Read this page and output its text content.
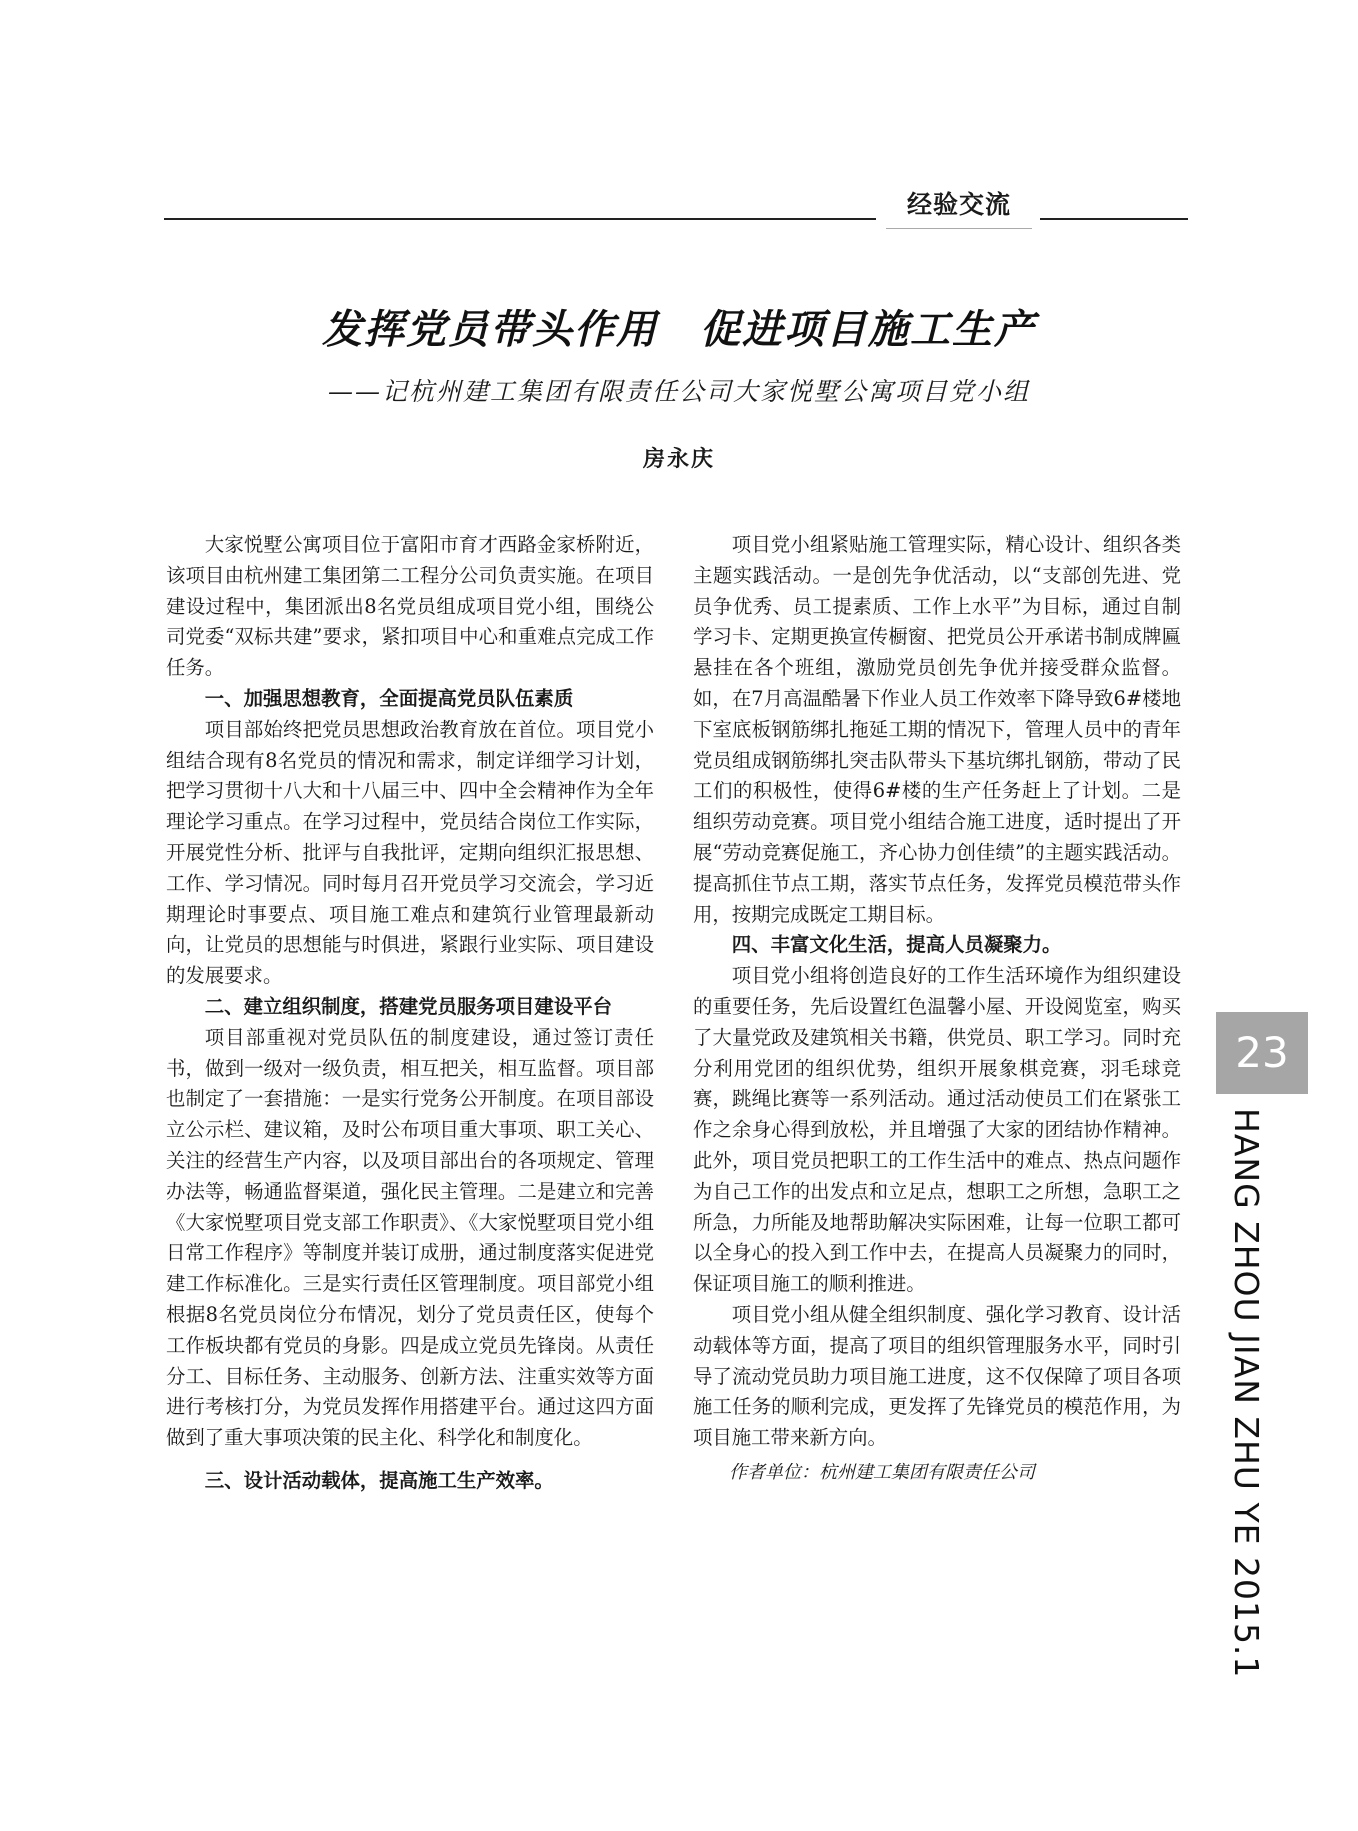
经验交流
发挥党员带头作用　促进项目施工生产
——记杭州建工集团有限责任公司大家悦墅公寓项目党小组
房永庆

大家悦墅公寓项目位于富阳市育才西路金家桥附近，该项目由杭州建工集团第二工程分公司负责实施。在项目建设过程中，集团派出8名党员组成项目党小组，围绕公司党委“双标共建”要求，紧扣项目中心和重难点完成工作任务。

一、加强思想教育，全面提高党员队伍素质

项目部始终把党员思想政治教育放在首位。项目党小组结合现有8名党员的情况和需求，制定详细学习计划，把学习贯彻十八大和十八届三中、四中全会精神作为全年理论学习重点。在学习过程中，党员结合岗位工作实际，开展党性分析、批评与自我批评，定期向组织汇报思想、工作、学习情况。同时每月召开党员学习交流会，学习近期理论时事要点、项目施工难点和建筑行业管理最新动向，让党员的思想能与时俱进，紧跟行业实际、项目建设的发展要求。

二、建立组织制度，搭建党员服务项目建设平台

项目部重视对党员队伍的制度建设，通过签订责任书，做到一级对一级负责，相互把关，相互监督。项目部也制定了一套措施：一是实行党务公开制度。在项目部设立公示栏、建议箱，及时公布项目重大事项、职工关心、关注的经营生产内容，以及项目部出台的各项规定、管理办法等，畅通监督渠道，强化民主管理。二是建立和完善《大家悦墅项目党支部工作职责》、《大家悦墅项目党小组日常工作程序》等制度并装订成册，通过制度落实促进党建工作标准化。三是实行责任区管理制度。项目部党小组根据8名党员岗位分布情况，划分了党员责任区，使每个工作板块都有党员的身影。四是成立党员先锋岗。从责任分工、目标任务、主动服务、创新方法、注重实效等方面进行考核打分，为党员发挥作用搭建平台。通过这四方面做到了重大事项决策的民主化、科学化和制度化。

三、设计活动载体，提高施工生产效率。

项目党小组紧贴施工管理实际，精心设计、组织各类主题实践活动。一是创先争优活动，以“支部创先进、党员争优秀、员工提素质、工作上水平”为目标，通过自制学习卡、定期更换宣传橱窗、把党员公开承诺书制成牌匾悬挂在各个班组，激励党员创先争优并接受群众监督。如，在7月高温酷暑下作业人员工作效率下降导致6#楼地下室底板钢筋绑扎拖延工期的情况下，管理人员中的青年党员组成钢筋绑扎突击队带头下基坑绑扎钢筋，带动了民工们的积极性，使得6#楼的生产任务赶上了计划。二是组织劳动竞赛。项目党小组结合施工进度，适时提出了开展“劳动竞赛促施工，齐心协力创佳绩”的主题实践活动。提高抓住节点工期，落实节点任务，发挥党员模范带头作用，按期完成既定工期目标。

四、丰富文化生活，提高人员凝聚力。

项目党小组将创造良好的工作生活环境作为组织建设的重要任务，先后设置红色温馨小屋、开设阅览室，购买了大量党政及建筑相关书籍，供党员、职工学习。同时充分利用党团的组织优势，组织开展象棋竞赛，羽毛球竞赛，跳绳比赛等一系列活动。通过活动使员工们在紧张工作之余身心得到放松，并且增强了大家的团结协作精神。此外，项目党员把职工的工作生活中的难点、热点问题作为自己工作的出发点和立足点，想职工之所想，急职工之所急，力所能及地帮助解决实际困难，让每一位职工都可以全身心的投入到工作中去，在提高人员凝聚力的同时，保证项目施工的顺利推进。

项目党小组从健全组织制度、强化学习教育、设计活动载体等方面，提高了项目的组织管理服务水平，同时引导了流动党员助力项目施工进度，这不仅保障了项目各项施工任务的顺利完成，更发挥了先锋党员的模范作用，为项目施工带来新方向。

作者单位：杭州建工集团有限责任公司

23
HANG ZHOU JIAN ZHU YE 2015.1
